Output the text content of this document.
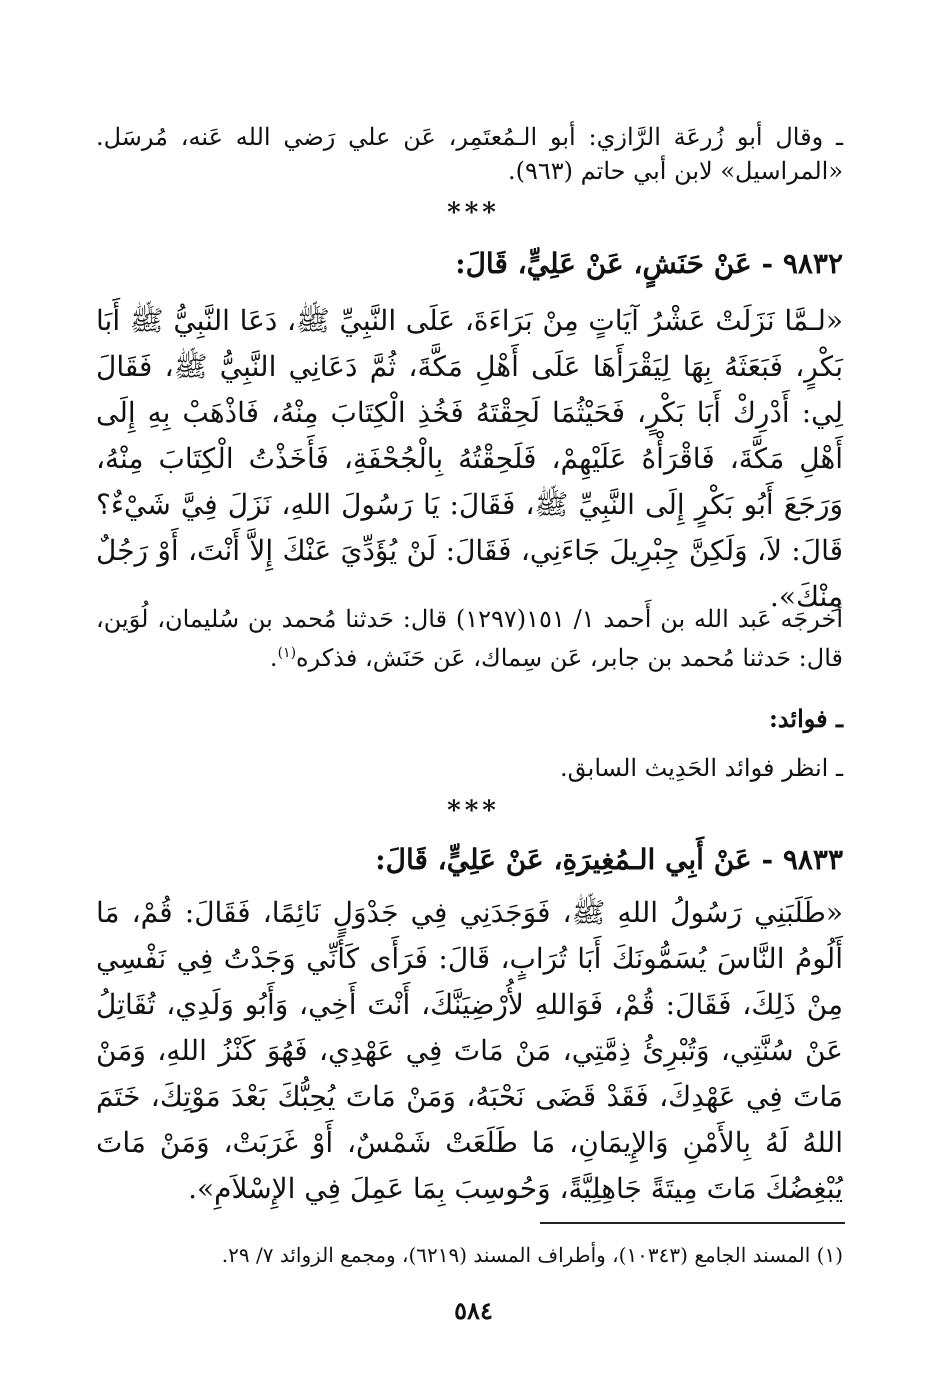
ـ وقال أبو زُرعَة الرَّازي: أبو الـمُعتَمِر، عَن علي رَضي الله عَنه، مُرسَل. «المراسيل» لابن أبي حاتم (٩٦٣).

***

٩٨٣٢ - عَنْ حَنَشٍ، عَنْ عَلِيٍّ، قَالَ:

«لـمَّا نَزَلَتْ عَشْرُ آيَاتٍ مِنْ بَرَاءَةَ، عَلَى النَّبِيِّ ﷺ، دَعَا النَّبِيُّ ﷺ أَبَا بَكْرٍ، فَبَعَثَهُ بِهَا لِيَقْرَأَهَا عَلَى أَهْلِ مَكَّةَ، ثُمَّ دَعَانِي النَّبِيُّ ﷺ، فَقَالَ لِي: أَدْرِكْ أَبَا بَكْرٍ، فَحَيْثُمَا لَحِقْتَهُ فَخُذِ الْكِتَابَ مِنْهُ، فَاذْهَبْ بِهِ إِلَى أَهْلِ مَكَّةَ، فَاقْرَأْهُ عَلَيْهِمْ، فَلَحِقْتُهُ بِالْجُحْفَةِ، فَأَخَذْتُ الْكِتَابَ مِنْهُ، وَرَجَعَ أَبُو بَكْرٍ إِلَى النَّبِيِّ ﷺ، فَقَالَ: يَا رَسُولَ اللهِ، نَزَلَ فِيَّ شَيْءٌ؟ قَالَ: لاَ، وَلَكِنَّ جِبْرِيلَ جَاءَنِي، فَقَالَ: لَنْ يُؤَدِّيَ عَنْكَ إِلاَّ أَنْتَ، أَوْ رَجُلٌ مِنْكَ».

أخرجَه عَبد الله بن أَحمد ١/ ١٥١(١٢٩٧) قال: حَدثنا مُحمد بن سُليمان، لُوَين، قال: حَدثنا مُحمد بن جابر، عَن سِماك، عَن حَنَش، فذكره$^{(١)}$.

ـ فوائد:

ـ انظر فوائد الحَدِيث السابق.

***

٩٨٣٣ - عَنْ أَبِي الـمُغِيرَةِ، عَنْ عَلِيٍّ، قَالَ:

«طَلَبَنِي رَسُولُ اللهِ ﷺ، فَوَجَدَنِي فِي جَدْوَلٍ نَائِمًا، فَقَالَ: قُمْ، مَا أَلُومُ النَّاسَ يُسَمُّونَكَ أَبَا تُرَابٍ، قَالَ: فَرَأَى كَأَنِّي وَجَدْتُ فِي نَفْسِي مِنْ ذَلِكَ، فَقَالَ: قُمْ، فَوَاللهِ لأُرْضِيَنَّكَ، أَنْتَ أَخِي، وَأَبُو وَلَدِي، تُقَاتِلُ عَنْ سُنَّتِي، وَتُبْرِئُ ذِمَّتِي، مَنْ مَاتَ فِي عَهْدِي، فَهُوَ كَنْزُ اللهِ، وَمَنْ مَاتَ فِي عَهْدِكَ، فَقَدْ قَضَى نَحْبَهُ، وَمَنْ مَاتَ يُحِبُّكَ بَعْدَ مَوْتِكَ، خَتَمَ اللهُ لَهُ بِالأَمْنِ وَالإِيمَانِ، مَا طَلَعَتْ شَمْسٌ، أَوْ غَرَبَتْ، وَمَنْ مَاتَ يُبْغِضُكَ مَاتَ مِيتَةً جَاهِلِيَّةً، وَحُوسِبَ بِمَا عَمِلَ فِي الإِسْلاَمِ».

(١) المسند الجامع (١٠٣٤٣)، وأطراف المسند (٦٢١٩)، ومجمع الزوائد ٧/ ٢٩.

٥٨٤
